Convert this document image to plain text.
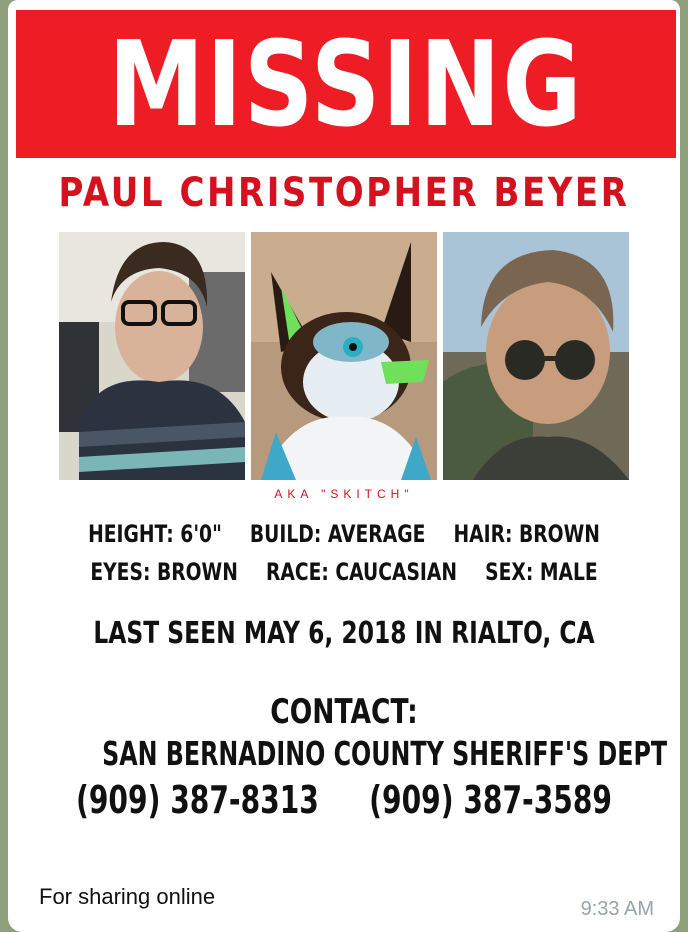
MISSING
PAUL CHRISTOPHER BEYER
AKA "SKITCH"
HEIGHT: 6'0" BUILD: AVERAGE HAIR: BROWN
EYES: BROWN RACE: CAUCASIAN SEX: MALE
LAST SEEN MAY 6, 2018 IN RIALTO, CA
CONTACT:
SAN BERNADINO COUNTY SHERIFF'S DEPT
(909) 387-8313 (909) 387-3589
For sharing online	9:33 AM
